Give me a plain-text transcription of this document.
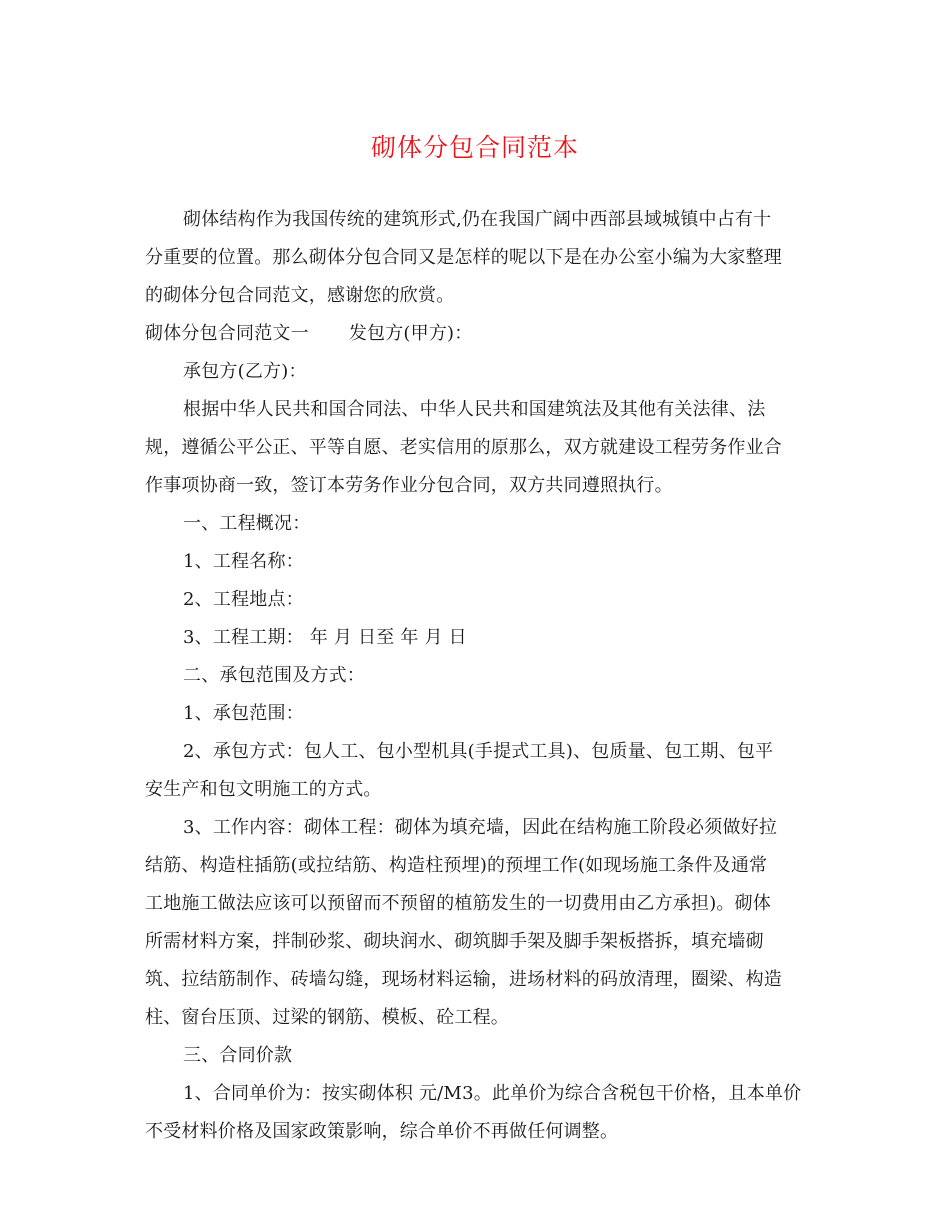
砌体分包合同范本
砌体结构作为我国传统的建筑形式,仍在我国广阔中西部县域城镇中占有十
分重要的位置。那么砌体分包合同又是怎样的呢以下是在办公室小编为大家整理
的砌体分包合同范文，感谢您的欣赏。
砌体分包合同范文一 发包方(甲方)：
承包方(乙方)：
根据中华人民共和国合同法、中华人民共和国建筑法及其他有关法律、法
规，遵循公平公正、平等自愿、老实信用的原那么，双方就建设工程劳务作业合
作事项协商一致，签订本劳务作业分包合同，双方共同遵照执行。
一、工程概况：
1、工程名称：
2、工程地点：
3、工程工期： 年 月 日至 年 月 日
二、承包范围及方式：
1、承包范围：
2、承包方式：包人工、包小型机具(手提式工具)、包质量、包工期、包平
安生产和包文明施工的方式。
3、工作内容：砌体工程：砌体为填充墙，因此在结构施工阶段必须做好拉
结筋、构造柱插筋(或拉结筋、构造柱预埋)的预埋工作(如现场施工条件及通常
工地施工做法应该可以预留而不预留的植筋发生的一切费用由乙方承担)。砌体
所需材料方案，拌制砂浆、砌块润水、砌筑脚手架及脚手架板搭拆，填充墙砌
筑、拉结筋制作、砖墙勾缝，现场材料运输，进场材料的码放清理，圈梁、构造
柱、窗台压顶、过梁的钢筋、模板、砼工程。
三、合同价款
1、合同单价为：按实砌体积 元/M3。此单价为综合含税包干价格，且本单价
不受材料价格及国家政策影响，综合单价不再做任何调整。
